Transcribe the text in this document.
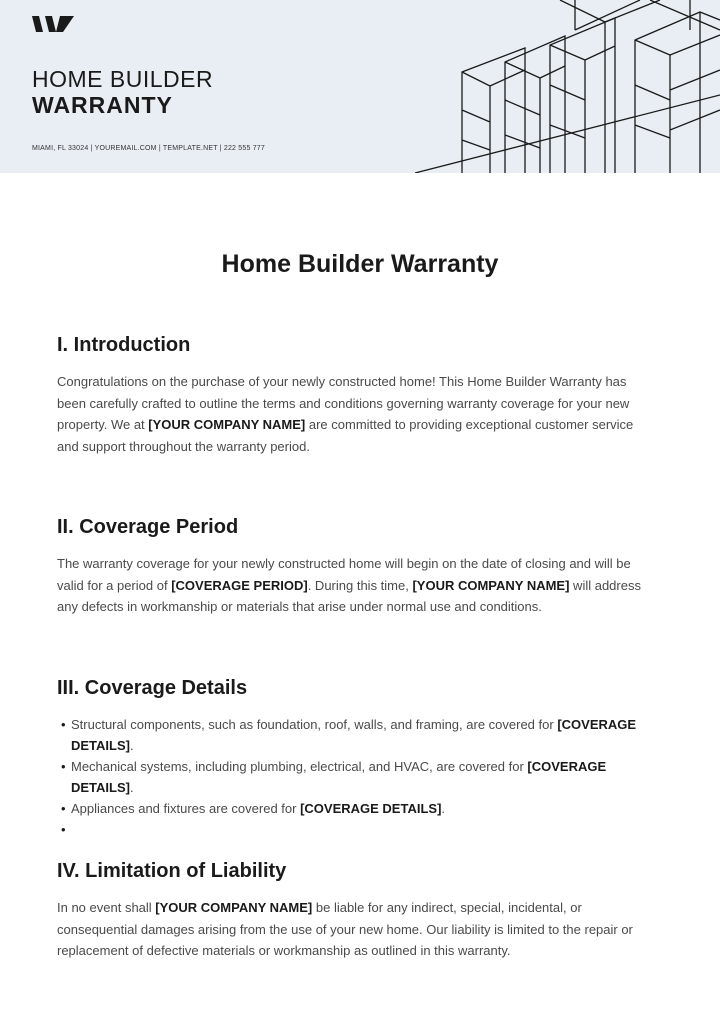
HOME BUILDER
WARRANTY
MIAMI, FL 33024 | YOUREMAIL.COM | TEMPLATE.NET | 222 555 777
Home Builder Warranty
I. Introduction

Congratulations on the purchase of your newly constructed home! This Home Builder Warranty has been carefully crafted to outline the terms and conditions governing warranty coverage for your new property. We at [YOUR COMPANY NAME] are committed to providing exceptional customer service and support throughout the warranty period.

II. Coverage Period

The warranty coverage for your newly constructed home will begin on the date of closing and will be valid for a period of [COVERAGE PERIOD]. During this time, [YOUR COMPANY NAME] will address any defects in workmanship or materials that arise under normal use and conditions.

III. Coverage Details
• Structural components, such as foundation, roof, walls, and framing, are covered for [COVERAGE DETAILS].
• Mechanical systems, including plumbing, electrical, and HVAC, are covered for [COVERAGE DETAILS].
• Appliances and fixtures are covered for [COVERAGE DETAILS].
•
IV. Limitation of Liability

In no event shall [YOUR COMPANY NAME] be liable for any indirect, special, incidental, or consequential damages arising from the use of your new home. Our liability is limited to the repair or replacement of defective materials or workmanship as outlined in this warranty.
